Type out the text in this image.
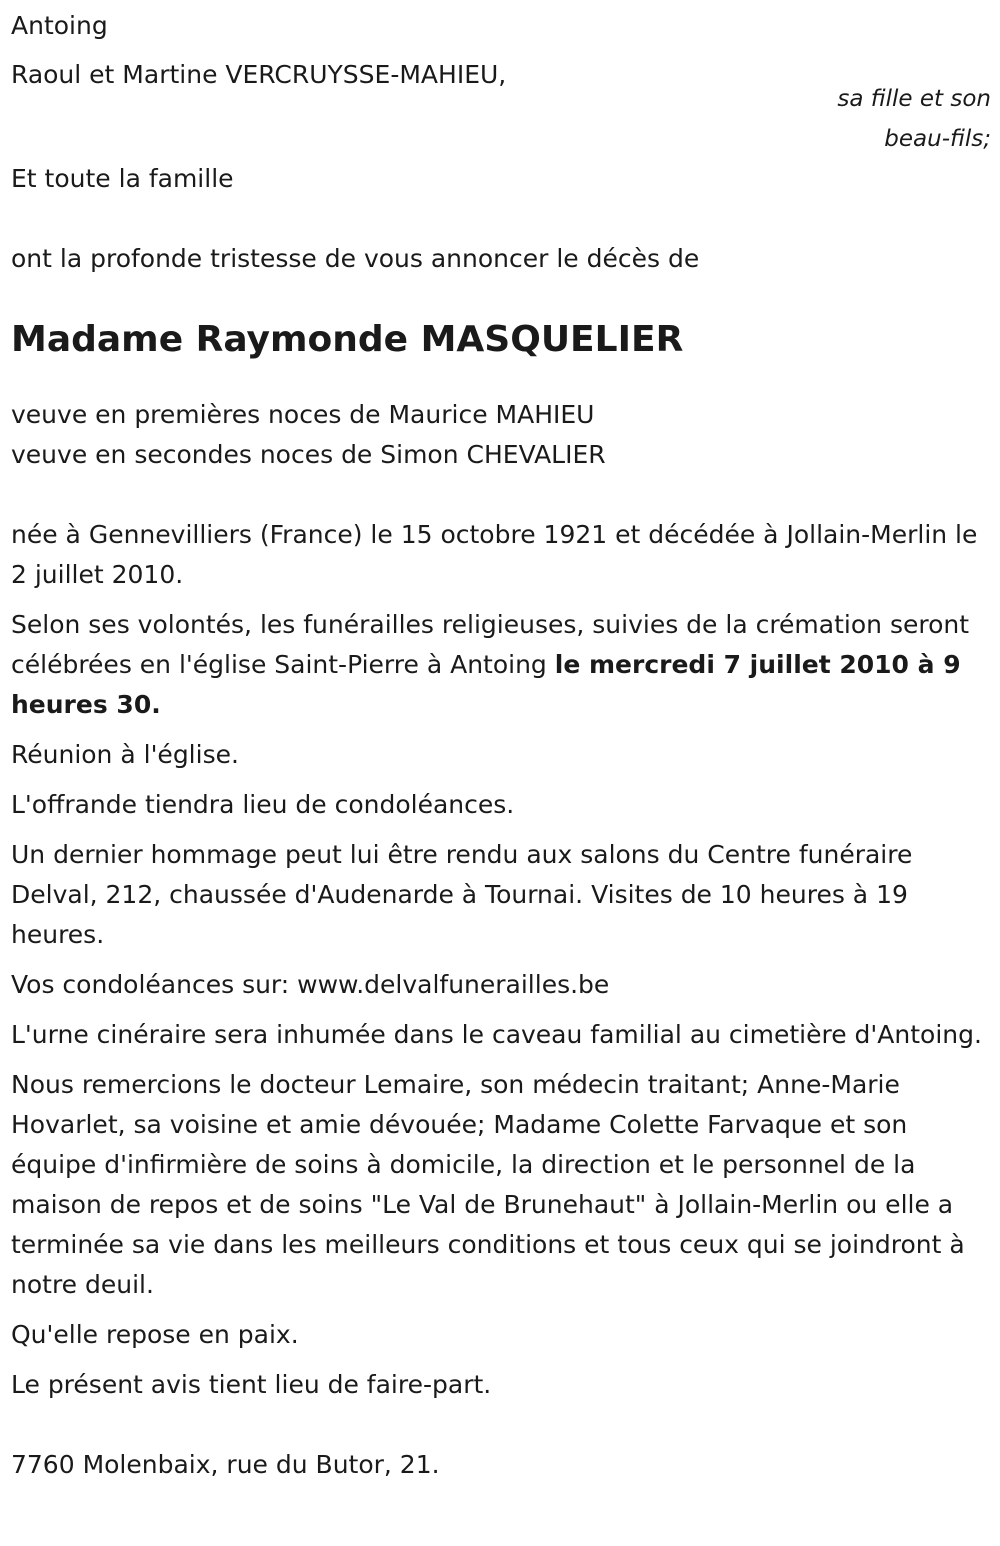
Antoing
Raoul et Martine VERCRUYSSE-MAHIEU,
sa fille et son
beau-fils;
Et toute la famille
ont la profonde tristesse de vous annoncer le décès de
Madame Raymonde MASQUELIER
veuve en premières noces de Maurice MAHIEU
veuve en secondes noces de Simon CHEVALIER
née à Gennevilliers (France) le 15 octobre 1921 et décédée à Jollain-Merlin le 2 juillet 2010.

Selon ses volontés, les funérailles religieuses, suivies de la crémation seront célébrées en l'église Saint-Pierre à Antoing le mercredi 7 juillet 2010 à 9 heures 30.

Réunion à l'église.
L'offrande tiendra lieu de condoléances.
Un dernier hommage peut lui être rendu aux salons du Centre funéraire Delval, 212, chaussée d'Audenarde à Tournai. Visites de 10 heures à 19 heures.
Vos condoléances sur: www.delvalfunerailles.be
L'urne cinéraire sera inhumée dans le caveau familial au cimetière d'Antoing.
Nous remercions le docteur Lemaire, son médecin traitant; Anne-Marie Hovarlet, sa voisine et amie dévouée; Madame Colette Farvaque et son équipe d'infirmière de soins à domicile, la direction et le personnel de la maison de repos et de soins "Le Val de Brunehaut" à Jollain-Merlin ou elle a terminée sa vie dans les meilleurs conditions et tous ceux qui se joindront à notre deuil.
Qu'elle repose en paix.
Le présent avis tient lieu de faire-part.
7760 Molenbaix, rue du Butor, 21.
